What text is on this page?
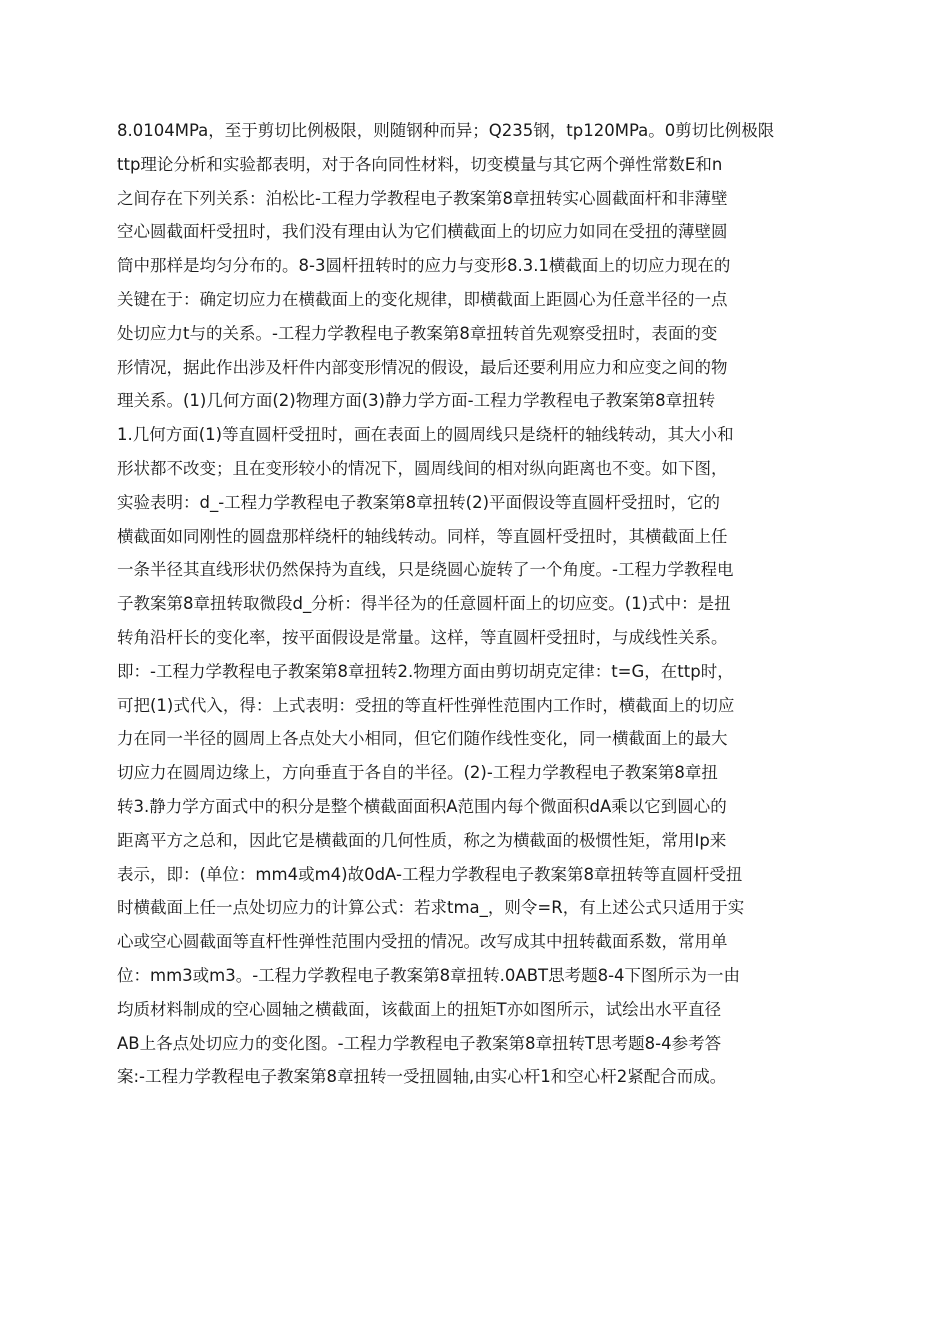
8.0104MPa，至于剪切比例极限，则随钢种而异；Q235钢，tp120MPa。0剪切比例极限
ttp理论分析和实验都表明，对于各向同性材料，切变模量与其它两个弹性常数E和n
之间存在下列关系：泊松比-工程力学教程电子教案第8章扭转实心圆截面杆和非薄壁
空心圆截面杆受扭时，我们没有理由认为它们横截面上的切应力如同在受扭的薄壁圆
筒中那样是均匀分布的。8-3圆杆扭转时的应力与变形8.3.1横截面上的切应力现在的
关键在于：确定切应力在横截面上的变化规律，即横截面上距圆心为任意半径的一点
处切应力t与的关系。-工程力学教程电子教案第8章扭转首先观察受扭时，表面的变
形情况，据此作出涉及杆件内部变形情况的假设，最后还要利用应力和应变之间的物
理关系。(1)几何方面(2)物理方面(3)静力学方面-工程力学教程电子教案第8章扭转
1.几何方面(1)等直圆杆受扭时，画在表面上的圆周线只是绕杆的轴线转动，其大小和
形状都不改变；且在变形较小的情况下，圆周线间的相对纵向距离也不变。如下图，
实验表明：d_-工程力学教程电子教案第8章扭转(2)平面假设等直圆杆受扭时，它的
横截面如同刚性的圆盘那样绕杆的轴线转动。同样，等直圆杆受扭时，其横截面上任
一条半径其直线形状仍然保持为直线，只是绕圆心旋转了一个角度。-工程力学教程电
子教案第8章扭转取微段d_分析：得半径为的任意圆杆面上的切应变。(1)式中：是扭
转角沿杆长的变化率，按平面假设是常量。这样，等直圆杆受扭时，与成线性关系。
即：-工程力学教程电子教案第8章扭转2.物理方面由剪切胡克定律：t=G，在ttp时，
可把(1)式代入，得：上式表明：受扭的等直杆性弹性范围内工作时，横截面上的切应
力在同一半径的圆周上各点处大小相同，但它们随作线性变化，同一横截面上的最大
切应力在圆周边缘上，方向垂直于各自的半径。(2)-工程力学教程电子教案第8章扭
转3.静力学方面式中的积分是整个横截面面积A范围内每个微面积dA乘以它到圆心的
距离平方之总和，因此它是横截面的几何性质，称之为横截面的极惯性矩，常用Ip来
表示，即：(单位：mm4或m4)故0dA-工程力学教程电子教案第8章扭转等直圆杆受扭
时横截面上任一点处切应力的计算公式：若求tma_，则令=R，有上述公式只适用于实
心或空心圆截面等直杆性弹性范围内受扭的情况。改写成其中扭转截面系数，常用单
位：mm3或m3。-工程力学教程电子教案第8章扭转.0ABT思考题8-4下图所示为一由
均质材料制成的空心圆轴之横截面，该截面上的扭矩T亦如图所示，试绘出水平直径
AB上各点处切应力的变化图。-工程力学教程电子教案第8章扭转T思考题8-4参考答
案:-工程力学教程电子教案第8章扭转一受扭圆轴,由实心杆1和空心杆2紧配合而成。
